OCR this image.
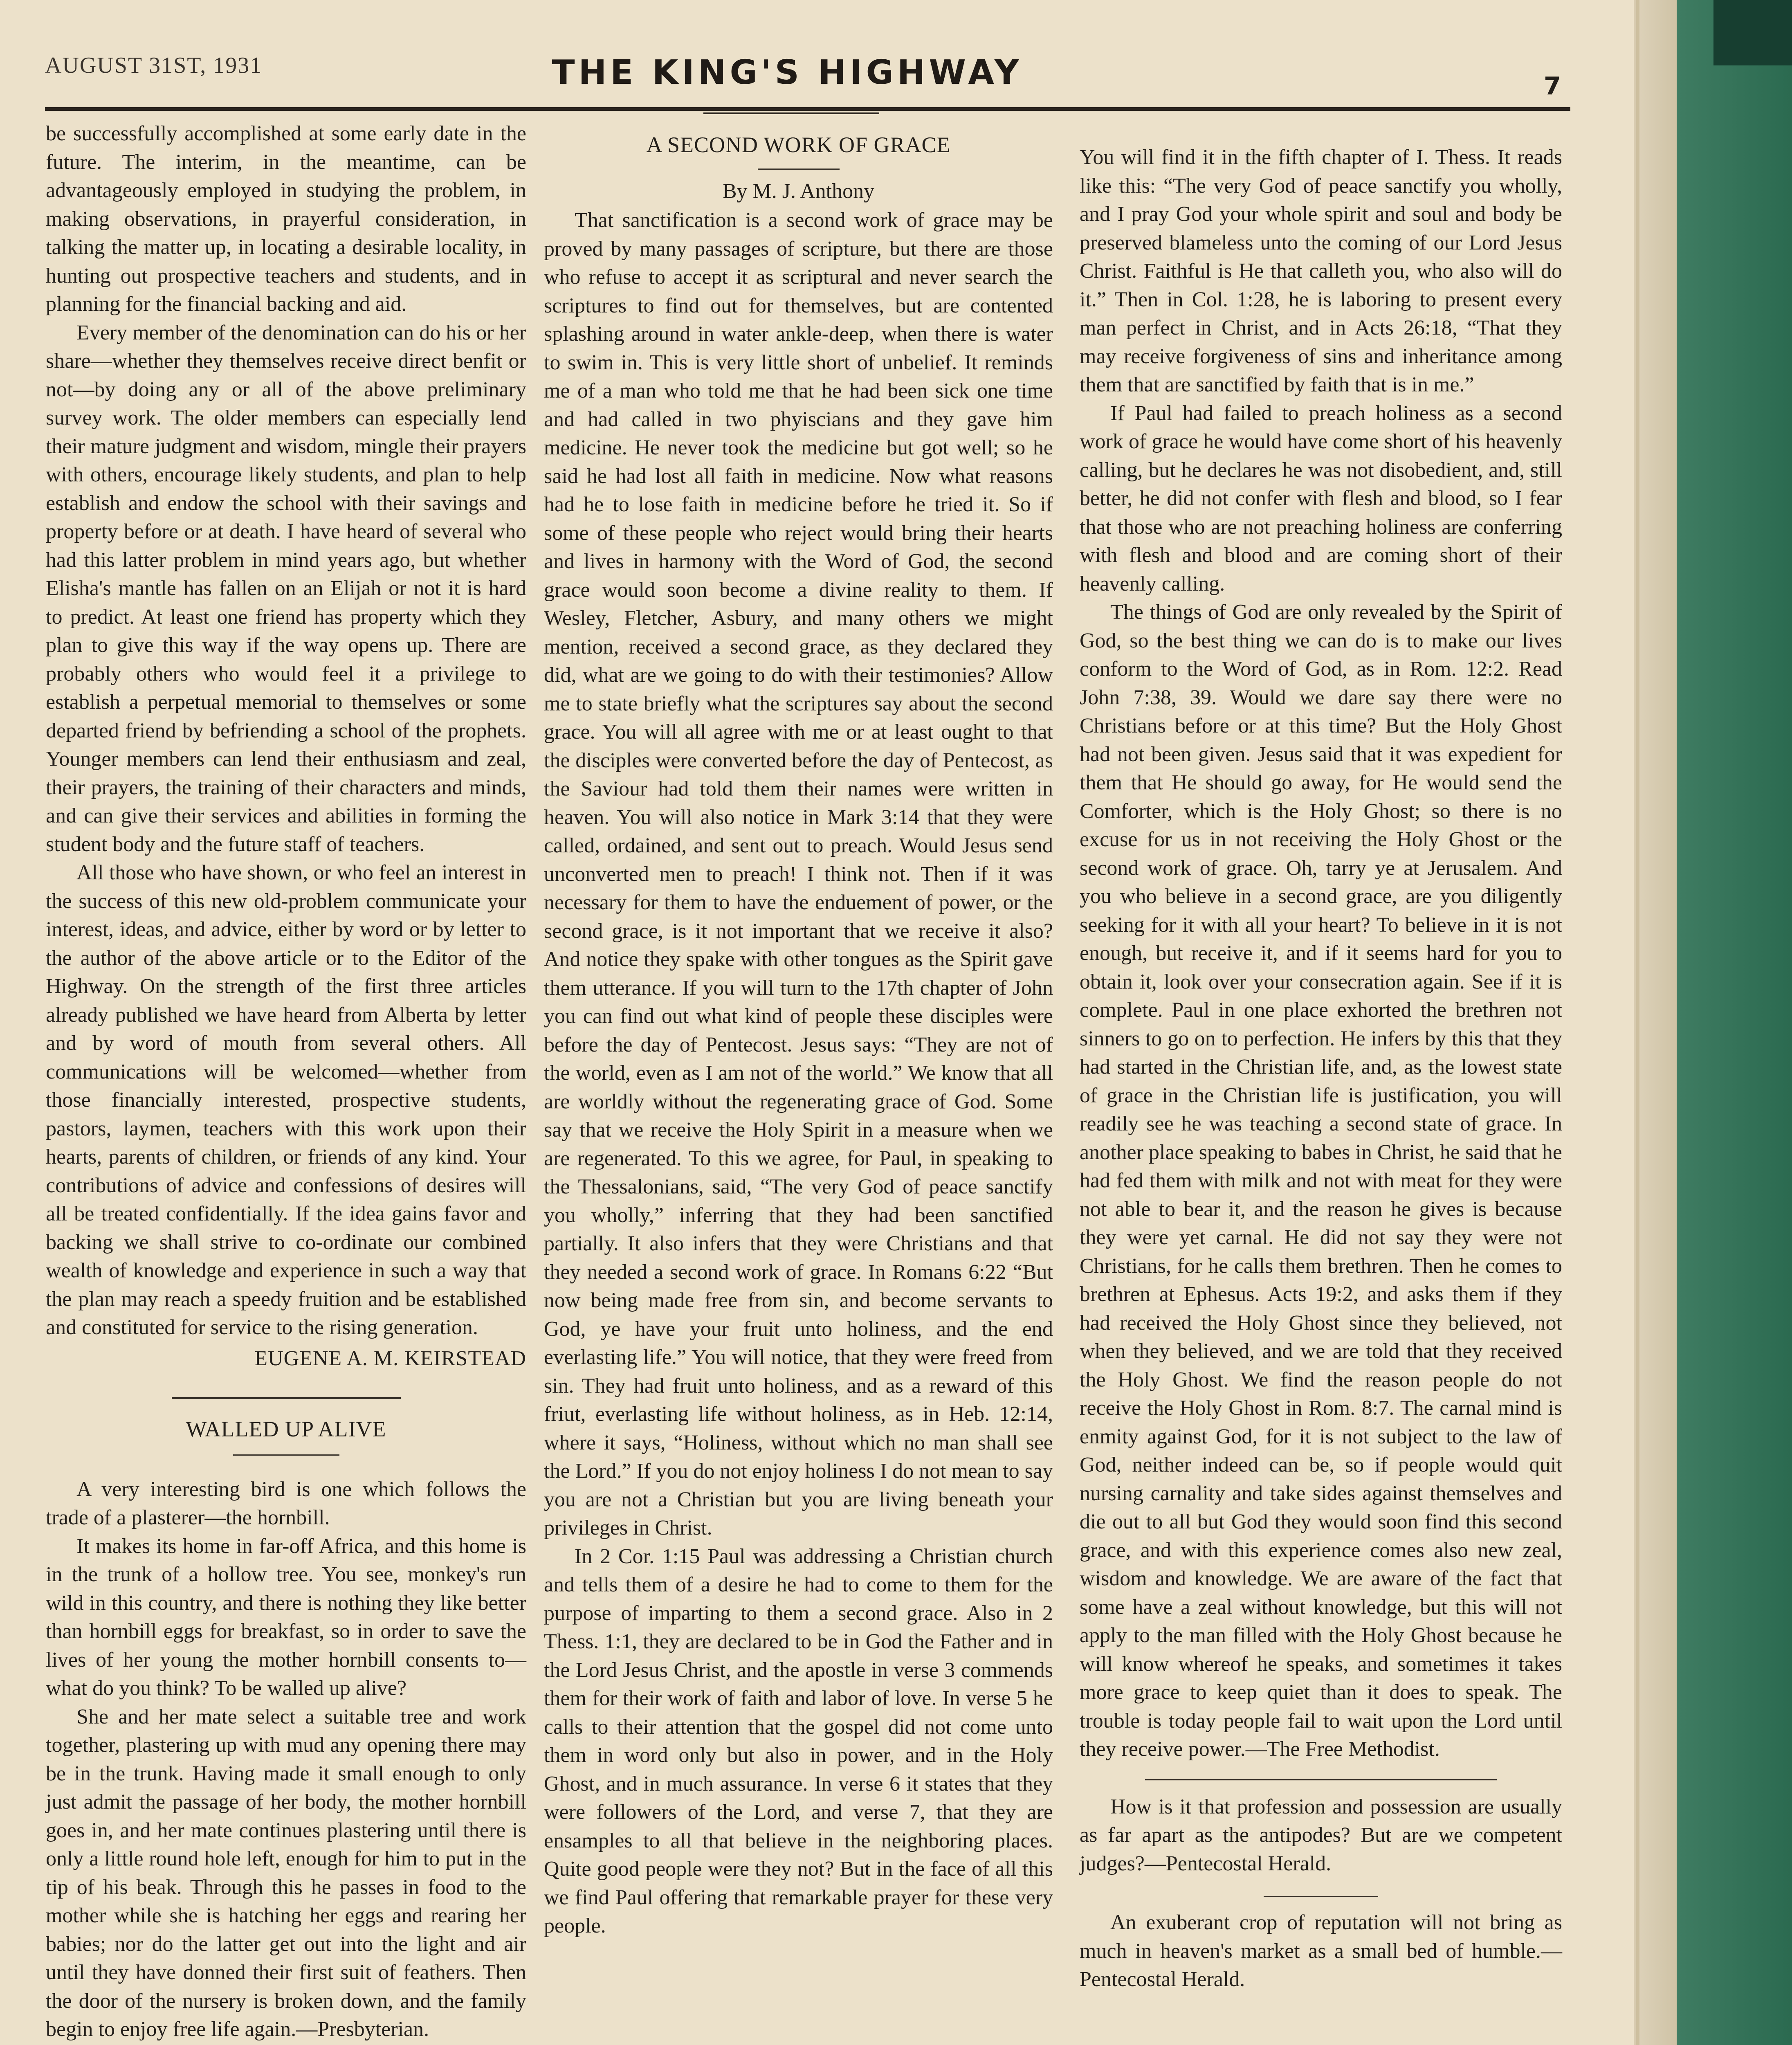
AUGUST 31ST, 1931	THE KING'S HIGHWAY	7

be successfully accomplished at some early date in the future. The interim, in the meantime, can be advantageously employed in studying the problem, in making observations, in prayerful consideration, in talking the matter up, in locating a desirable locality, in hunting out prospective teachers and students, and in planning for the financial backing and aid.

Every member of the denomination can do his or her share—whether they themselves receive direct benfit or not—by doing any or all of the above preliminary survey work. The older members can especially lend their mature judgment and wisdom, mingle their prayers with others, encourage likely students, and plan to help establish and endow the school with their savings and property before or at death. I have heard of several who had this latter problem in mind years ago, but whether Elisha's mantle has fallen on an Elijah or not it is hard to predict. At least one friend has property which they plan to give this way if the way opens up. There are probably others who would feel it a privilege to establish a perpetual memorial to themselves or some departed friend by befriending a school of the prophets. Younger members can lend their enthusiasm and zeal, their prayers, the training of their characters and minds, and can give their services and abilities in forming the student body and the future staff of teachers.

All those who have shown, or who feel an interest in the success of this new old-problem communicate your interest, ideas, and advice, either by word or by letter to the author of the above article or to the Editor of the Highway. On the strength of the first three articles already published we have heard from Alberta by letter and by word of mouth from several others. All communications will be welcomed—whether from those financially interested, prospective students, pastors, laymen, teachers with this work upon their hearts, parents of children, or friends of any kind. Your contributions of advice and confessions of desires will all be treated confidentially. If the idea gains favor and backing we shall strive to co-ordinate our combined wealth of knowledge and experience in such a way that the plan may reach a speedy fruition and be established and constituted for service to the rising generation.

EUGENE A. M. KEIRSTEAD
WALLED UP ALIVE

A very interesting bird is one which follows the trade of a plasterer—the hornbill.

It makes its home in far-off Africa, and this home is in the trunk of a hollow tree. You see, monkey's run wild in this country, and there is nothing they like better than hornbill eggs for breakfast, so in order to save the lives of her young the mother hornbill consents to—what do you think? To be walled up alive?

She and her mate select a suitable tree and work together, plastering up with mud any opening there may be in the trunk. Having made it small enough to only just admit the passage of her body, the mother hornbill goes in, and her mate continues plastering until there is only a little round hole left, enough for him to put in the tip of his beak. Through this he passes in food to the mother while she is hatching her eggs and rearing her babies; nor do the latter get out into the light and air until they have donned their first suit of feathers. Then the door of the nursery is broken down, and the family begin to enjoy free life again.—Presbyterian.

A SECOND WORK OF GRACE
By M. J. Anthony

That sanctification is a second work of grace may be proved by many passages of scripture, but there are those who refuse to accept it as scriptural and never search the scriptures to find out for themselves, but are contented splashing around in water ankle-deep, when there is water to swim in. This is very little short of unbelief. It reminds me of a man who told me that he had been sick one time and had called in two phyiscians and they gave him medicine. He never took the medicine but got well; so he said he had lost all faith in medicine. Now what reasons had he to lose faith in medicine before he tried it. So if some of these people who reject would bring their hearts and lives in harmony with the Word of God, the second grace would soon become a divine reality to them. If Wesley, Fletcher, Asbury, and many others we might mention, received a second grace, as they declared they did, what are we going to do with their testimonies? Allow me to state briefly what the scriptures say about the second grace. You will all agree with me or at least ought to that the disciples were converted before the day of Pentecost, as the Saviour had told them their names were written in heaven. You will also notice in Mark 3:14 that they were called, ordained, and sent out to preach. Would Jesus send unconverted men to preach! I think not. Then if it was necessary for them to have the enduement of power, or the second grace, is it not important that we receive it also? And notice they spake with other tongues as the Spirit gave them utterance. If you will turn to the 17th chapter of John you can find out what kind of people these disciples were before the day of Pentecost. Jesus says: “They are not of the world, even as I am not of the world.” We know that all are worldly without the regenerating grace of God. Some say that we receive the Holy Spirit in a measure when we are regenerated. To this we agree, for Paul, in speaking to the Thessalonians, said, “The very God of peace sanctify you wholly,” inferring that they had been sanctified partially. It also infers that they were Christians and that they needed a second work of grace. In Romans 6:22 “But now being made free from sin, and become servants to God, ye have your fruit unto holiness, and the end everlasting life.” You will notice, that they were freed from sin. They had fruit unto holiness, and as a reward of this friut, everlasting life without holiness, as in Heb. 12:14, where it says, “Holiness, without which no man shall see the Lord.” If you do not enjoy holiness I do not mean to say you are not a Christian but you are living beneath your privileges in Christ.

In 2 Cor. 1:15 Paul was addressing a Christian church and tells them of a desire he had to come to them for the purpose of imparting to them a second grace. Also in 2 Thess. 1:1, they are declared to be in God the Father and in the Lord Jesus Christ, and the apostle in verse 3 commends them for their work of faith and labor of love. In verse 5 he calls to their attention that the gospel did not come unto them in word only but also in power, and in the Holy Ghost, and in much assurance. In verse 6 it states that they were followers of the Lord, and verse 7, that they are ensamples to all that believe in the neighboring places. Quite good people were they not? But in the face of all this we find Paul offering that remarkable prayer for these very people.

You will find it in the fifth chapter of I. Thess. It reads like this: “The very God of peace sanctify you wholly, and I pray God your whole spirit and soul and body be preserved blameless unto the coming of our Lord Jesus Christ. Faithful is He that calleth you, who also will do it.” Then in Col. 1:28, he is laboring to present every man perfect in Christ, and in Acts 26:18, “That they may receive forgiveness of sins and inheritance among them that are sanctified by faith that is in me.”

If Paul had failed to preach holiness as a second work of grace he would have come short of his heavenly calling, but he declares he was not disobedient, and, still better, he did not confer with flesh and blood, so I fear that those who are not preaching holiness are conferring with flesh and blood and are coming short of their heavenly calling.

The things of God are only revealed by the Spirit of God, so the best thing we can do is to make our lives conform to the Word of God, as in Rom. 12:2. Read John 7:38, 39. Would we dare say there were no Christians before or at this time? But the Holy Ghost had not been given. Jesus said that it was expedient for them that He should go away, for He would send the Comforter, which is the Holy Ghost; so there is no excuse for us in not receiving the Holy Ghost or the second work of grace. Oh, tarry ye at Jerusalem. And you who believe in a second grace, are you diligently seeking for it with all your heart? To believe in it is not enough, but receive it, and if it seems hard for you to obtain it, look over your consecration again. See if it is complete. Paul in one place exhorted the brethren not sinners to go on to perfection. He infers by this that they had started in the Christian life, and, as the lowest state of grace in the Christian life is justification, you will readily see he was teaching a second state of grace. In another place speaking to babes in Christ, he said that he had fed them with milk and not with meat for they were not able to bear it, and the reason he gives is because they were yet carnal. He did not say they were not Christians, for he calls them brethren. Then he comes to brethren at Ephesus. Acts 19:2, and asks them if they had received the Holy Ghost since they believed, not when they believed, and we are told that they received the Holy Ghost. We find the reason people do not receive the Holy Ghost in Rom. 8:7. The carnal mind is enmity against God, for it is not subject to the law of God, neither indeed can be, so if people would quit nursing carnality and take sides against themselves and die out to all but God they would soon find this second grace, and with this experience comes also new zeal, wisdom and knowledge. We are aware of the fact that some have a zeal without knowledge, but this will not apply to the man filled with the Holy Ghost because he will know whereof he speaks, and sometimes it takes more grace to keep quiet than it does to speak. The trouble is today people fail to wait upon the Lord until they receive power.—The Free Methodist.

How is it that profession and possession are usually as far apart as the antipodes? But are we competent judges?—Pentecostal Herald.

An exuberant crop of reputation will not bring as much in heaven's market as a small bed of humble.—Pentecostal Herald.
